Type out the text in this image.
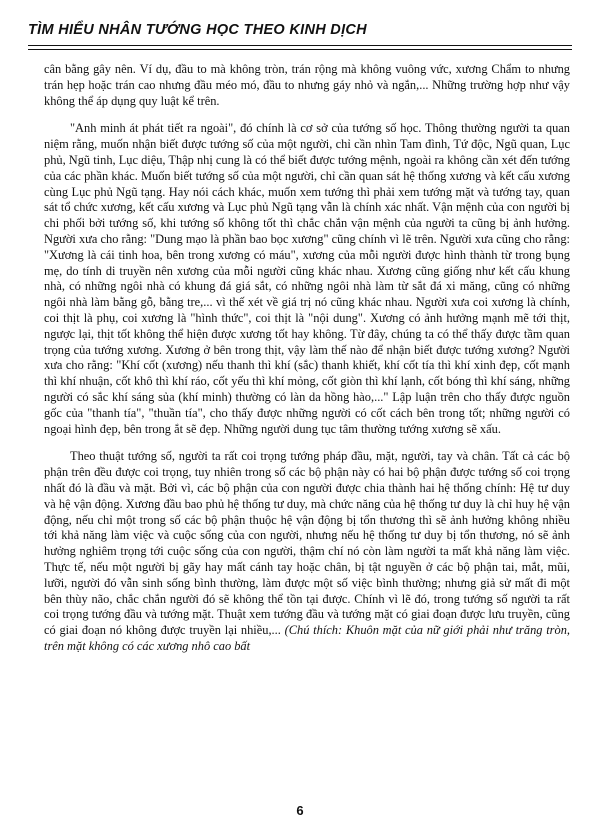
TÌM HIỂU NHÂN TƯỚNG HỌC THEO KINH DỊCH

cân bằng gây nên. Ví dụ, đầu to mà không tròn, trán rộng mà không vuông vức, xương Chẩm to nhưng trán hẹp hoặc trán cao nhưng đầu méo mó, đầu to nhưng gáy nhỏ và ngắn,... Những trường hợp như vậy không thể áp dụng quy luật kể trên.

"Anh minh át phát tiết ra ngoài", đó chính là cơ sở của tướng số học. Thông thường người ta quan niệm rằng, muốn nhận biết được tướng số của một người, chỉ cần nhìn Tam đình, Tứ độc, Ngũ quan, Lục phủ, Ngũ tinh, Lục diệu, Thập nhị cung là có thể biết được tướng mệnh, ngoài ra không cần xét đến tướng của các phần khác. Muốn biết tướng số của một người, chỉ cần quan sát hệ thống xương và kết cấu xương cùng Lục phủ Ngũ tạng. Hay nói cách khác, muốn xem tướng thì phải xem tướng mặt và tướng tay, quan sát tổ chức xương, kết cấu xương và Lục phủ Ngũ tạng vẫn là chính xác nhất. Vận mệnh của con người bị chi phối bởi tướng số, khi tướng số không tốt thì chắc chắn vận mệnh của người ta cũng bị ảnh hưởng. Người xưa cho rằng: "Dung mạo là phần bao bọc xương" cũng chính vì lẽ trên. Người xưa cũng cho rằng: "Xương là cái tinh hoa, bên trong xương có máu", xương của mỗi người được hình thành từ trong bụng mẹ, do tính di truyền nên xương của mỗi người cũng khác nhau. Xương cũng giống như kết cấu khung nhà, có những ngôi nhà có khung đá giá sắt, có những ngôi nhà làm từ sắt đá xi măng, cũng có những ngôi nhà làm bằng gỗ, bằng tre,... vì thế xét về giá trị nó cũng khác nhau. Người xưa coi xương là chính, coi thịt là phụ, coi xương là "hình thức", coi thịt là "nội dung". Xương có ảnh hưởng mạnh mẽ tới thịt, ngược lại, thịt tốt không thể hiện được xương tốt hay không. Từ đây, chúng ta có thể thấy được tầm quan trọng của tướng xương. Xương ở bên trong thịt, vậy làm thế nào để nhận biết được tướng xương? Người xưa cho rằng: "Khí cốt (xương) nếu thanh thì khí (sắc) thanh khiết, khí cốt tía thì khí xinh đẹp, cốt mạnh thì khí nhuận, cốt khô thì khí ráo, cốt yếu thì khí mỏng, cốt giòn thì khí lạnh, cốt bóng thì khí sáng, những người có sắc khí sáng sủa (khí minh) thường có làn da hồng hào,..." Lập luận trên cho thấy được nguồn gốc của "thanh tía", "thuần tía", cho thấy được những người có cốt cách bên trong tốt; những người có ngoại hình đẹp, bên trong ắt sẽ đẹp. Những người dung tục tâm thường tướng xương sẽ xấu.

Theo thuật tướng số, người ta rất coi trọng tướng pháp đầu, mặt, người, tay và chân. Tất cả các bộ phận trên đều được coi trọng, tuy nhiên trong số các bộ phận này có hai bộ phận được tướng số coi trọng nhất đó là đầu và mặt. Bởi vì, các bộ phận của con người được chia thành hai hệ thống chính: Hệ tư duy và hệ vận động. Xương đầu bao phủ hệ thống tư duy, mà chức năng của hệ thống tư duy là chỉ huy hệ vận động, nếu chỉ một trong số các bộ phận thuộc hệ vận động bị tổn thương thì sẽ ảnh hưởng không nhiều tới khả năng làm việc và cuộc sống của con người, nhưng nếu hệ thống tư duy bị tổn thương, nó sẽ ảnh hưởng nghiêm trọng tới cuộc sống của con người, thậm chí nó còn làm người ta mất khả năng làm việc. Thực tế, nếu một người bị gãy hay mất cánh tay hoặc chân, bị tật nguyền ở các bộ phận tai, mắt, mũi, lưỡi, người đó vẫn sinh sống bình thường, làm được một số việc bình thường; nhưng giả sử mất đi một bên thùy não, chắc chắn người đó sẽ không thể tồn tại được. Chính vì lẽ đó, trong tướng số người ta rất coi trọng tướng đầu và tướng mặt. Thuật xem tướng đầu và tướng mặt có giai đoạn được lưu truyền, cũng có giai đoạn nó không được truyền lại nhiều,... (Chú thích: Khuôn mặt của nữ giới phải như trăng tròn, trên mặt không có các xương nhô cao bất

6
